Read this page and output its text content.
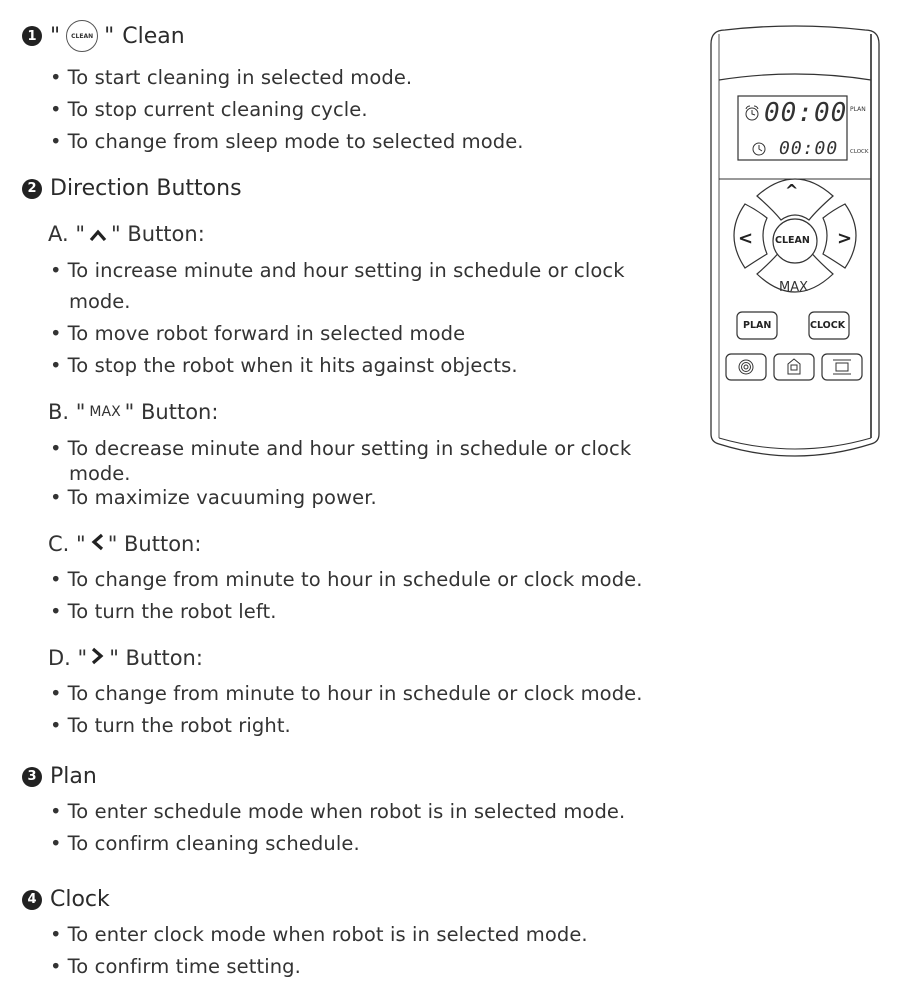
1 "	CLEAN " Clean
• To start cleaning in selected mode.
• To stop current cleaning cycle.
• To change from sleep mode to selected mode.
2 Direction Buttons
A. " " Button:
• To increase minute and hour setting in schedule or clock
mode.
• To move robot forward in selected mode
• To stop the robot when it hits against objects.
B. " MAX " Button:
• To decrease minute and hour setting in schedule or clock
mode.
• To maximize vacuuming power.
C. " " Button:
• To change from minute to hour in schedule or clock mode.
• To turn the robot left.
D. " " Button:
• To change from minute to hour in schedule or clock mode.
• To turn the robot right.
3 Plan
• To enter schedule mode when robot is in selected mode.
• To confirm cleaning schedule.
4 Clock
• To enter clock mode when robot is in selected mode.
• To confirm time setting.
00:00 PLAN
00:00 CLOCK
^
<	>
CLEAN
MAX
PLAN	CLOCK
